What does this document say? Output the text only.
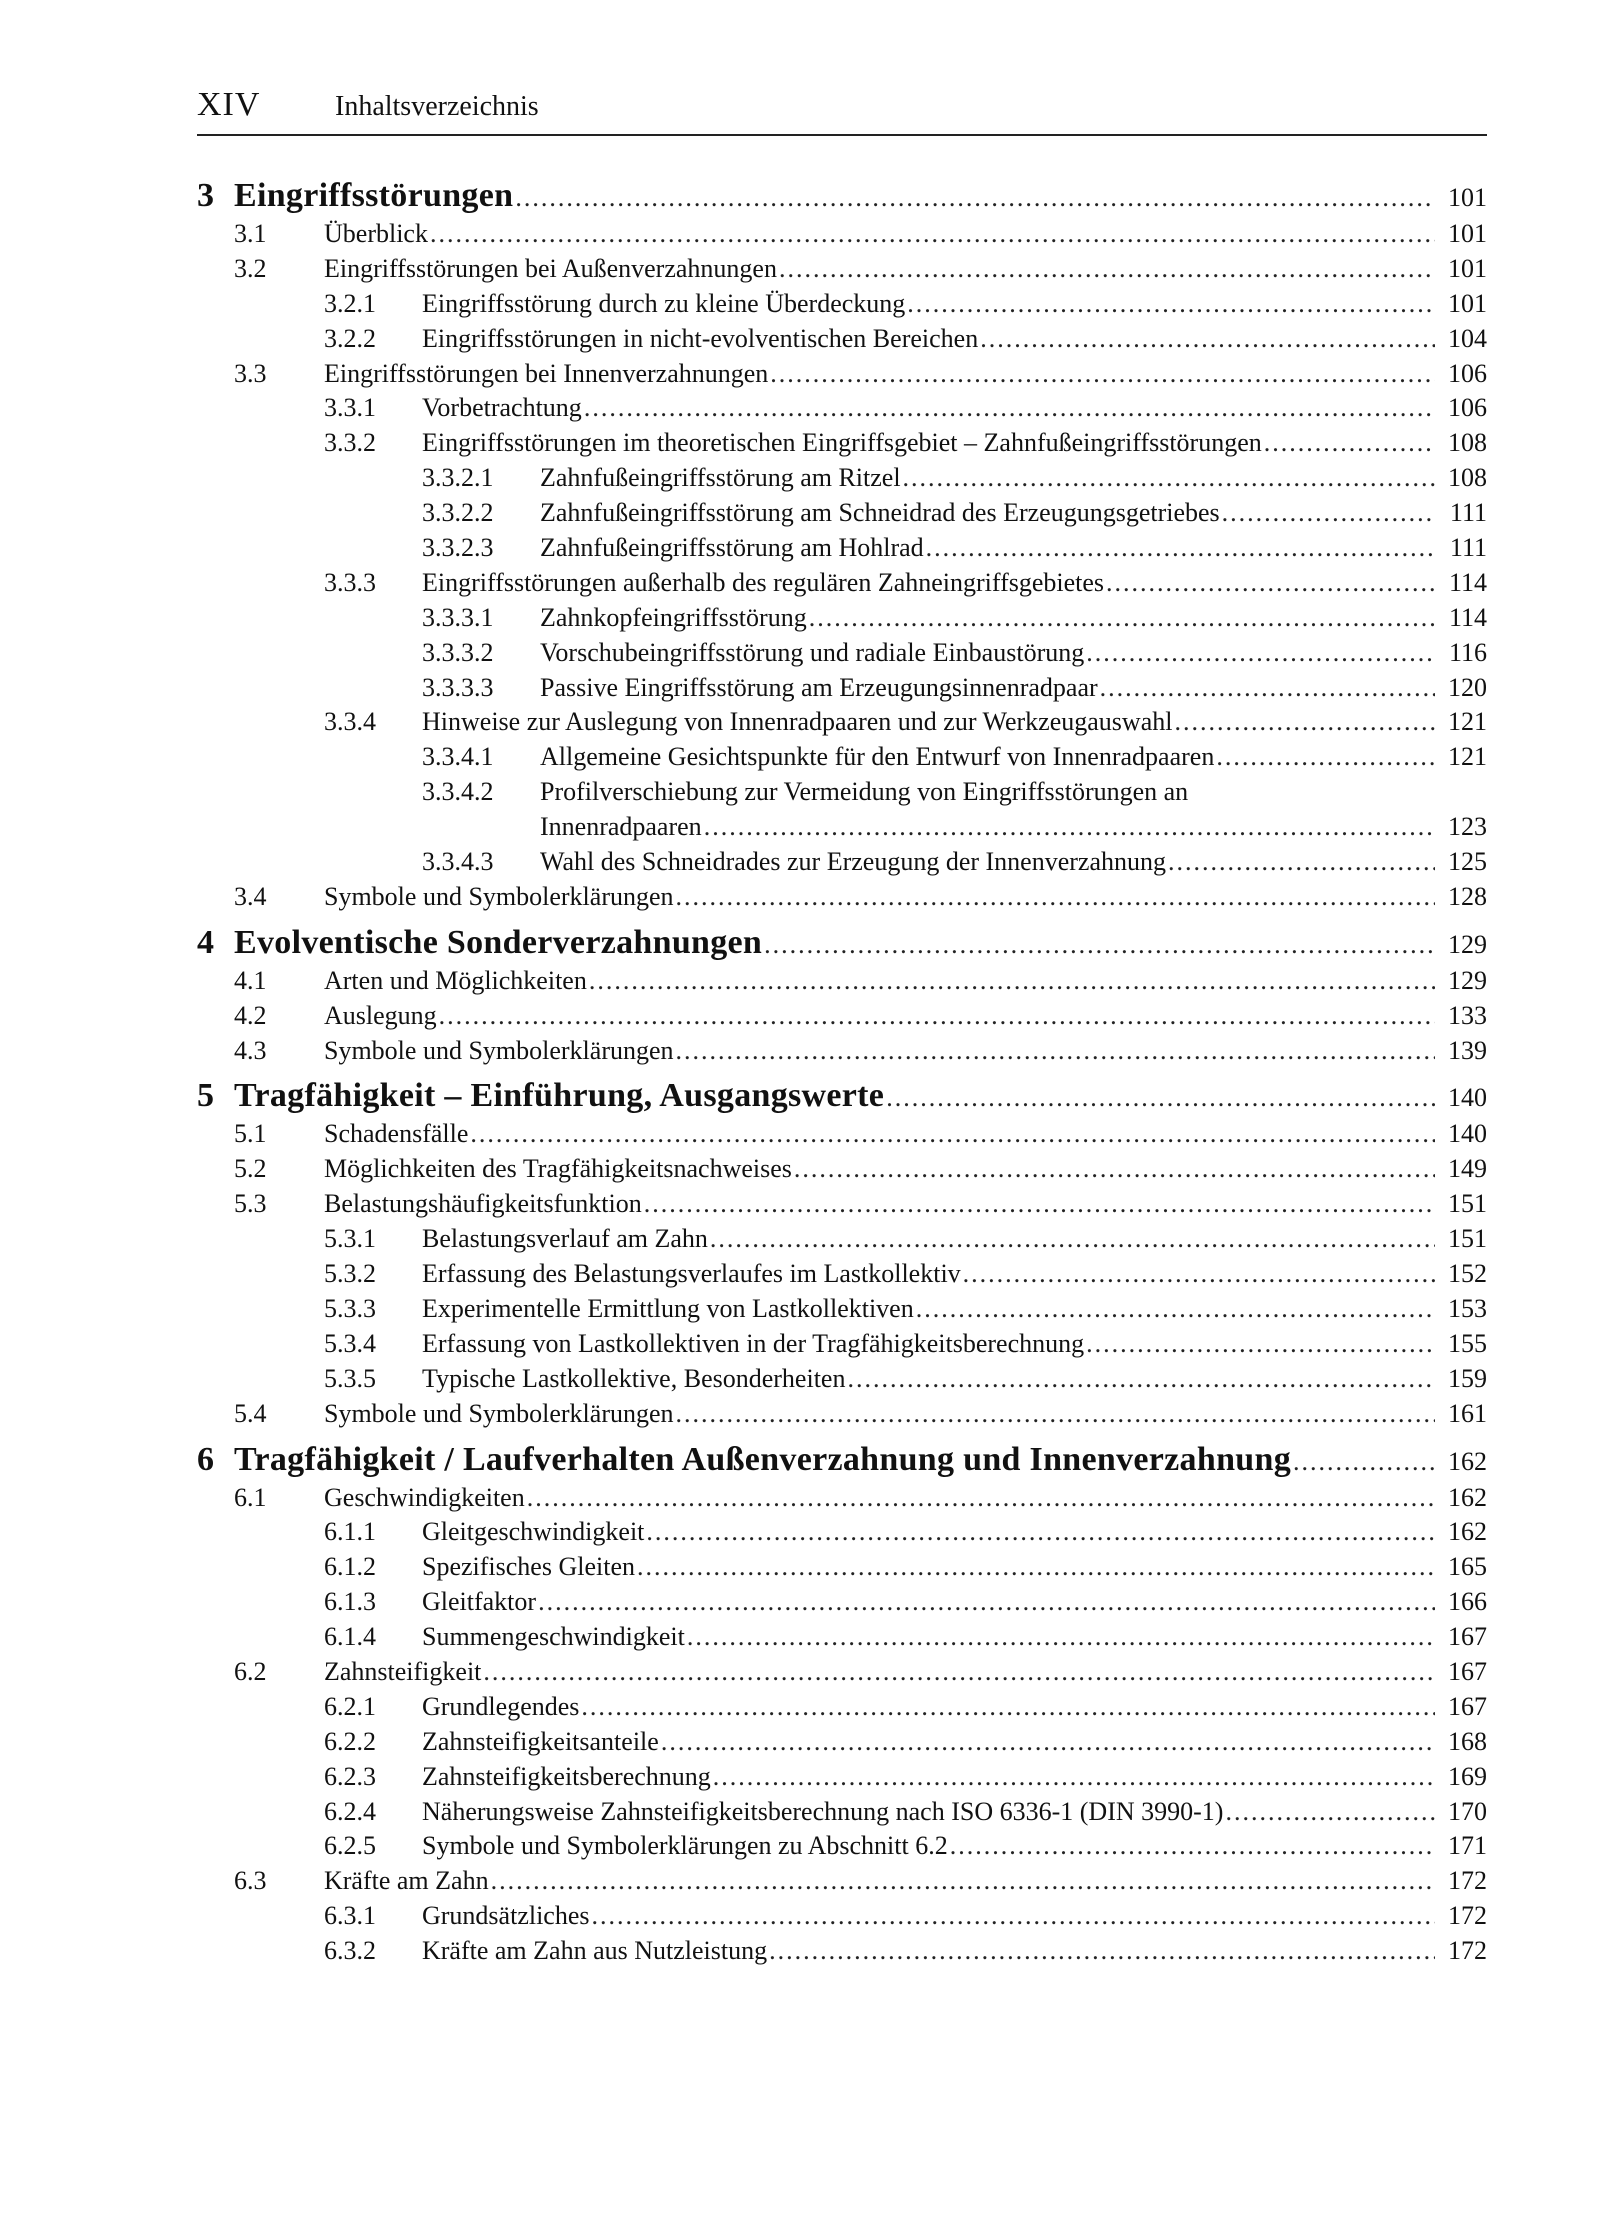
XIV	Inhaltsverzeichnis
3 Eingriffsstörungen .....	101
3.1	Überblick .....	101
3.2	Eingriffsstörungen bei Außenverzahnungen .....	101
3.2.1	Eingriffsstörung durch zu kleine Überdeckung .....	101
3.2.2	Eingriffsstörungen in nicht-evolventischen Bereichen .....	104
3.3	Eingriffsstörungen bei Innenverzahnungen .....	106
3.3.1	Vorbetrachtung .....	106
3.3.2	Eingriffsstörungen im theoretischen Eingriffsgebiet – Zahnfußeingriffsstörungen .....	108
3.3.2.1	Zahnfußeingriffsstörung am Ritzel .....	108
3.3.2.2	Zahnfußeingriffsstörung am Schneidrad des Erzeugungsgetriebes .....	111
3.3.2.3	Zahnfußeingriffsstörung am Hohlrad .....	111
3.3.3	Eingriffsstörungen außerhalb des regulären Zahneingriffsgebietes .....	114
3.3.3.1	Zahnkopfeingriffsstörung .....	114
3.3.3.2	Vorschubeingriffsstörung und radiale Einbaustörung .....	116
3.3.3.3	Passive Eingriffsstörung am Erzeugungsinnenradpaar .....	120
3.3.4	Hinweise zur Auslegung von Innenradpaaren und zur Werkzeugauswahl .....	121
3.3.4.1	Allgemeine Gesichtspunkte für den Entwurf von Innenradpaaren .....	121
3.3.4.2	Profilverschiebung zur Vermeidung von Eingriffsstörungen an
Innenradpaaren .....	123
3.3.4.3	Wahl des Schneidrades zur Erzeugung der Innenverzahnung .....	125
3.4	Symbole und Symbolerklärungen .....	128
4 Evolventische Sonderverzahnungen .....	129
4.1	Arten und Möglichkeiten .....	129
4.2	Auslegung .....	133
4.3	Symbole und Symbolerklärungen .....	139
5 Tragfähigkeit – Einführung, Ausgangswerte .....	140
5.1	Schadensfälle .....	140
5.2	Möglichkeiten des Tragfähigkeitsnachweises .....	149
5.3	Belastungshäufigkeitsfunktion .....	151
5.3.1	Belastungsverlauf am Zahn .....	151
5.3.2	Erfassung des Belastungsverlaufes im Lastkollektiv .....	152
5.3.3	Experimentelle Ermittlung von Lastkollektiven .....	153
5.3.4	Erfassung von Lastkollektiven in der Tragfähigkeitsberechnung .....	155
5.3.5	Typische Lastkollektive, Besonderheiten .....	159
5.4	Symbole und Symbolerklärungen .....	161
6 Tragfähigkeit / Laufverhalten Außenverzahnung und Innenverzahnung .....	162
6.1	Geschwindigkeiten .....	162
6.1.1	Gleitgeschwindigkeit .....	162
6.1.2	Spezifisches Gleiten .....	165
6.1.3	Gleitfaktor .....	166
6.1.4	Summengeschwindigkeit .....	167
6.2	Zahnsteifigkeit .....	167
6.2.1	Grundlegendes .....	167
6.2.2	Zahnsteifigkeitsanteile .....	168
6.2.3	Zahnsteifigkeitsberechnung .....	169
6.2.4	Näherungsweise Zahnsteifigkeitsberechnung nach ISO 6336-1 (DIN 3990-1) .....	170
6.2.5	Symbole und Symbolerklärungen zu Abschnitt 6.2 .....	171
6.3	Kräfte am Zahn .....	172
6.3.1	Grundsätzliches .....	172
6.3.2	Kräfte am Zahn aus Nutzleistung .....	172
